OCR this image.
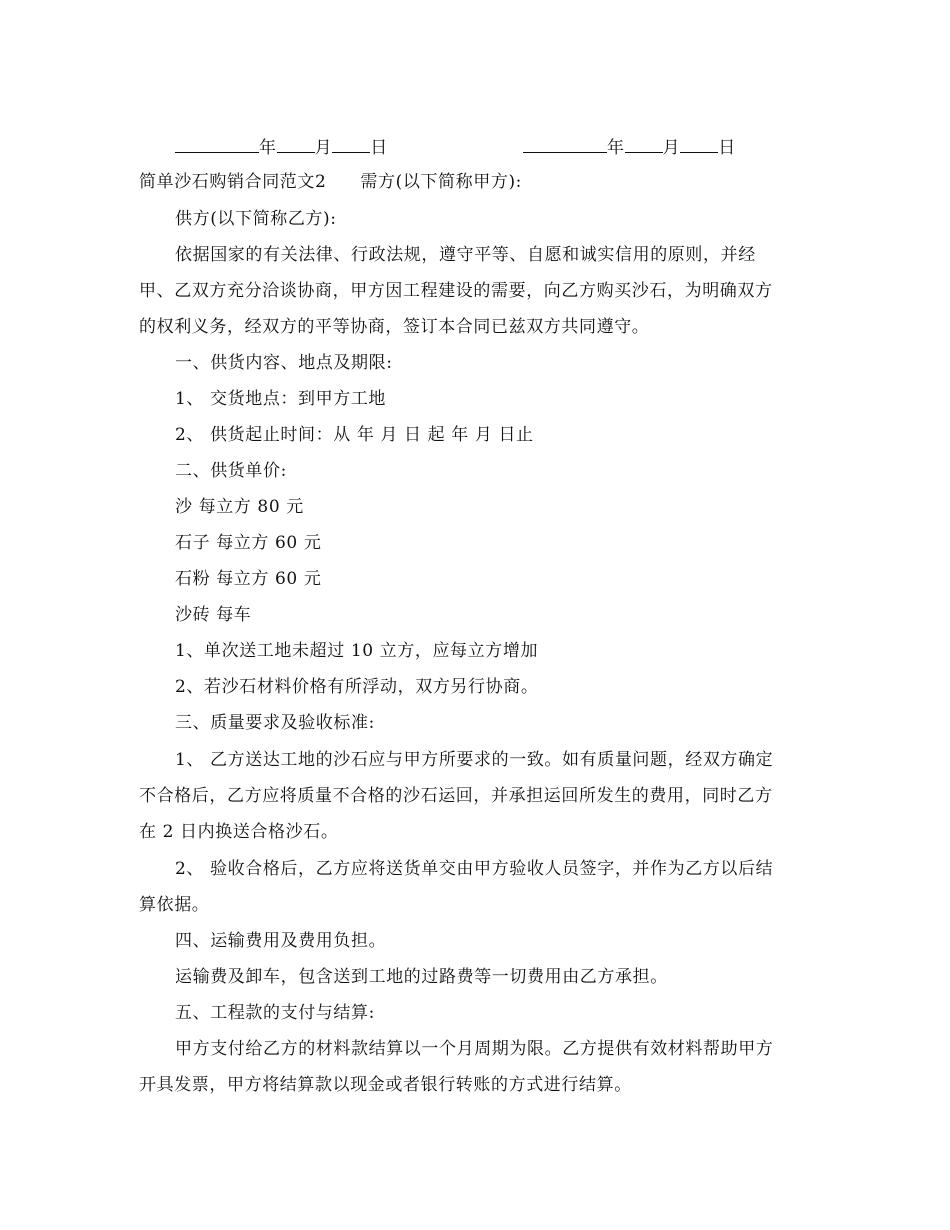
年 月 日	年 月 日
简单沙石购销合同范文2 需方(以下简称甲方):
供方(以下简称乙方):
依据国家的有关法律、行政法规，遵守平等、自愿和诚实信用的原则，并经
甲、乙双方充分洽谈协商，甲方因工程建设的需要，向乙方购买沙石，为明确双方
的权利义务，经双方的平等协商，签订本合同已兹双方共同遵守。
一、供货内容、地点及期限:
1、 交货地点：到甲方工地
2、 供货起止时间：从 年 月 日 起 年 月 日止
二、供货单价:
沙 每立方 80 元
石子 每立方 60 元
石粉 每立方 60 元
沙砖 每车
1、单次送工地未超过 10 立方，应每立方增加
2、若沙石材料价格有所浮动，双方另行协商。
三、质量要求及验收标准:
1、 乙方送达工地的沙石应与甲方所要求的一致。如有质量问题，经双方确定
不合格后，乙方应将质量不合格的沙石运回，并承担运回所发生的费用，同时乙方
在 2 日内换送合格沙石。
2、 验收合格后，乙方应将送货单交由甲方验收人员签字，并作为乙方以后结
算依据。
四、运输费用及费用负担。
运输费及卸车，包含送到工地的过路费等一切费用由乙方承担。
五、工程款的支付与结算:
甲方支付给乙方的材料款结算以一个月周期为限。乙方提供有效材料帮助甲方
开具发票，甲方将结算款以现金或者银行转账的方式进行结算。
